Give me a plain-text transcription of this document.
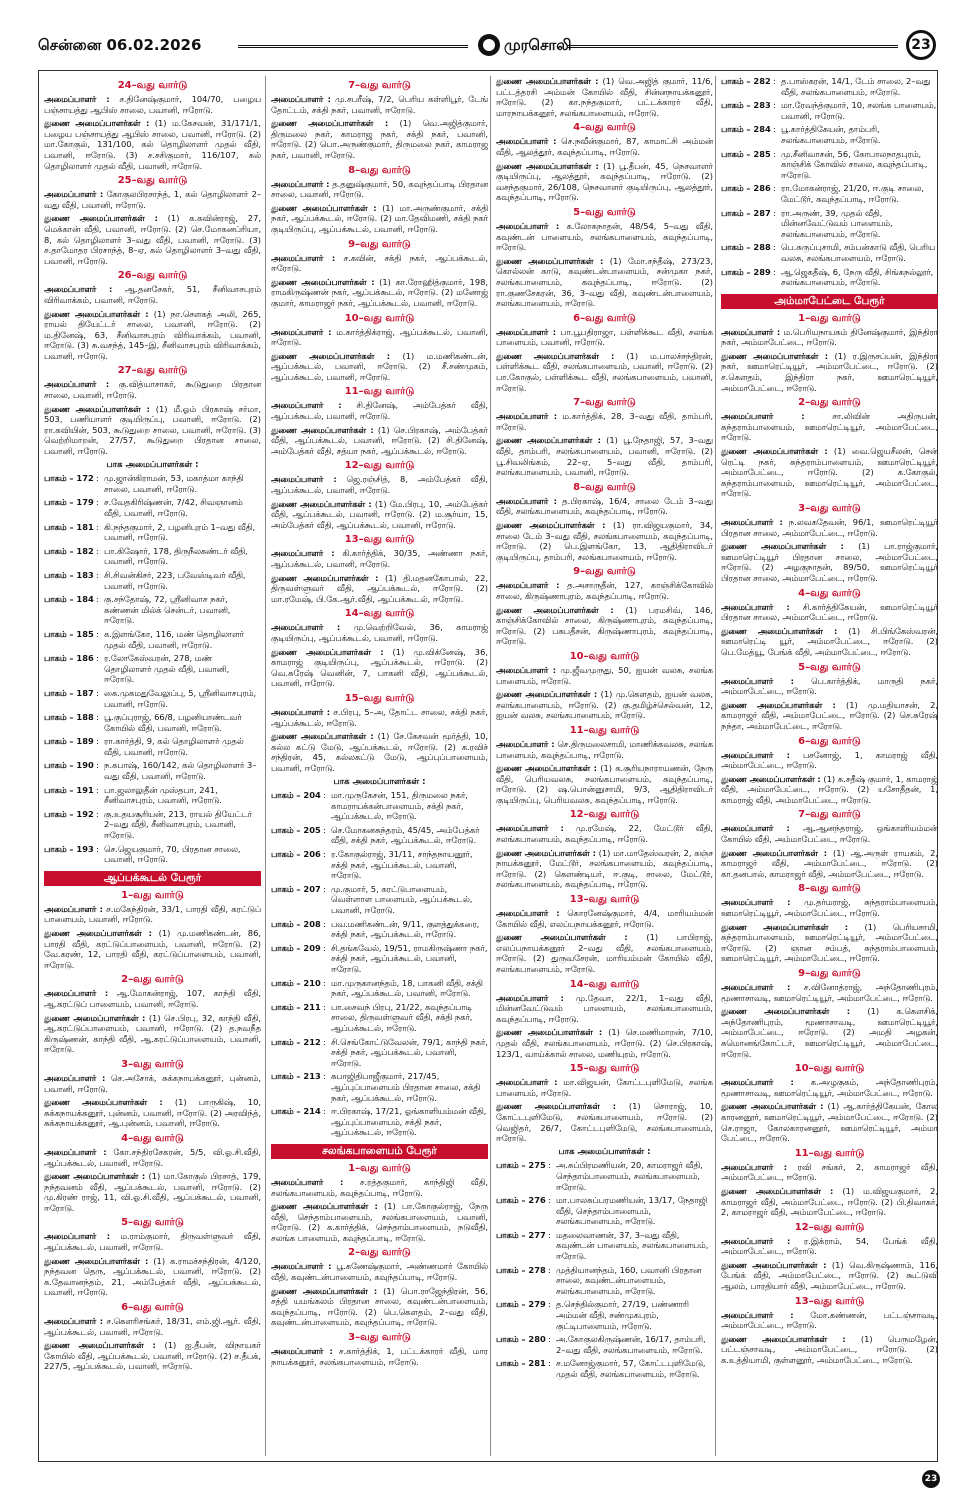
சென்னை 06.02.2026	முரசொலி	23
24–வது வார்டு
அமைப்பாளர் : ச.தினேஷ்குமார், 104/70, பழைய பஞ்சாயத்து ஆபிஸ் சாலை, பவானி, ஈரோடு.
துணை அமைப்பாளர்கள் : (1) ம.கேசவன், 31/171/1, பழைய பஞ்சாயத்து ஆபிஸ் சாலை, பவானி, ஈரோடு. (2) மா.கோகுல், 131/100, கல் தொழிலாளர் முதல் வீதி, பவானி, ஈரோடு. (3) ச.சசிகுமார், 116/107, கல் தொழிலாளர் முதல் வீதி, பவானி, ஈரோடு.
25–வது வார்டு
அமைப்பாளர் : கோகுலபிரசாந்த், 1, கல் தொழிலாளர் 2–வது வீதி, பவானி, ஈரோடு.
துணை அமைப்பாளர்கள் : (1) க.கவின்ராஜ், 27, மெக்கான் வீதி, பவானி, ஈரோடு. (2) செ.மோகனப்ரியா, 8, கல் தொழிலாளர் 3–வது வீதி, பவானி, ஈரோடு. (3) ச.தாமோதர பிரசாந்த், 8–ஏ, கல் தொழிலாளர் 3–வது வீதி, பவானி, ஈரோடு.
26–வது வார்டு
அமைப்பாளர் : ஆ.தனசேகர், 51, சீனிவாசபுரம் விரிவாக்கம், பவானி, ஈரோடு.
துணை அமைப்பாளர்கள் : (1) நா.சௌகத் அலி, 265, ராயல் தியேட்டர் சாலை, பவானி, ஈரோடு. (2) ம.தினேஷ், 63, சீனிவாசபுரம் விரிவாக்கம், பவானி, ஈரோடு. (3) சு.வசந்த், 145–இ, சீனிவாசபுரம் விரிவாக்கம், பவானி, ஈரோடு.
27–வது வார்டு
அமைப்பாளர் : கு.வித்யாசாகர், கூடுதுறை பிரதான சாலை, பவானி, ஈரோடு.
துணை அமைப்பாளர்கள் : (1) மீ.ஓம் பிரகாஷ் சர்மா, 503, பணியாளர் குடியிருப்பு, பவானி, ஈரோடு. (2) ரா.கவியின், 503, கூடுதுறை சாலை, பவானி, ஈரோடு. (3) வெற்றிமாறன், 27/57, கூடுதுறை பிரதான சாலை, பவானி, ஈரோடு.
பாக அமைப்பாளர்கள் :
பாகம் – 172 : மு.ஜான்கிராமன், 53, மகாத்மா காந்தி சாலை, பவானி, ஈரோடு.
பாகம் – 179 : ச.வேதகிரிஷ்ணன், 7/42, சிவஞானம் வீதி, பவானி, ஈரோடு.
பாகம் – 181 : கி.நந்தகுமார், 2, பழனிபுரம் 1–வது வீதி, பவானி, ஈரோடு.
பாகம் – 182 : பா.கிஷோர், 178, திருநீலகண்டர் வீதி, பவானி, ஈரோடு.
பாகம் – 183 : சி.சிவன்கிசர், 223, பவேஸ்டிவர் வீதி, பவானி, ஈரோடு.
பாகம் – 184 : கு.சந்தோஷ், 72, ஸ்ரீனிவாச நகர், கண்ணன் மில்க் சென்டர், பவானி, ஈரோடு.
பாகம் – 185 : க.இளங்கோ, 116, மண் தொழிலாளர் முதல் வீதி, பவானி, ஈரோடு.
பாகம் – 186 : ர.லோகேஸ்வரன், 278, மண் தொழிலாளர் முதல் வீதி, பவானி, ஈரோடு.
பாகம் – 187 : கை.முகமதுவேலுப்பு, 5, ஸ்ரீனிவாசபுரம், பவானி, ஈரோடு.
பாகம் – 188 : பூ.குப்புராஜ், 66/8, பழனியாண்டவர் கோயில் வீதி, பவானி, ஈரோடு.
பாகம் – 189 : ரா.கார்த்தி, 9, கல் தொழிலாளர் முதல் வீதி, பவானி, ஈரோடு.
பாகம் – 190 : ந.கபாஷ், 160/142, கல் தொழிலாளர் 3–வது வீதி, பவானி, ஈரோடு.
பாகம் – 191 : பா.ஜலாலுதீன் முஸ்தபா, 241, சீனிவாசபுரம், பவானி, ஈரோடு.
பாகம் – 192 : கு.உதயசூரியன், 213, ராயல் தியேட்டர் 2–வது வீதி, சீனிவாசபுரம், பவானி, ஈரோடு.
பாகம் – 193 : செ.ஜெயகுமார், 70, பிரதான சாலை, பவானி, ஈரோடு.
ஆப்பக்கூடல் பேரூர்
1–வது வார்டு
அமைப்பாளர் : ச.மகேந்திரன், 33/1, பாரதி வீதி, கரட்டுப் பாளையம், பவானி, ஈரோடு.
துணை அமைப்பாளர்கள் : (1) மு.மணிகண்டன், 86, பாரதி வீதி, கரட்டுப்பாளையம், பவானி, ஈரோடு. (2) வே.கரண், 12, பாரதி வீதி, கரட்டுப்பாளையம், பவானி, ஈரோடு.
2–வது வார்டு
அமைப்பாளர் : ஆ.மோகன்ராஜ், 107, காந்தி வீதி, ஆ.கரட்டுப் பாளையம், பவானி, ஈரோடு.
துணை அமைப்பாளர்கள் : (1) செ.பிரபு, 32, காந்தி வீதி, ஆ.கரட்டுப்பாளையம், பவானி, ஈரோடு. (2) த.நவநீத கிருஷ்ணன், காந்தி வீதி, ஆ.கரட்டுப்பாளையம், பவானி, ஈரோடு.
3–வது வார்டு
அமைப்பாளர் : செ.அசோக், சுக்கநாயக்கனூர், புன்னம், பவானி, ஈரோடு.
துணை அமைப்பாளர்கள் : (1) பாருகிஷ், 10, சுக்கநாயக்கனூர், புன்னம், பவானி, ஈரோடு. (2) அரவிந்த், சுக்கநாயக்கனூர், ஆ.புன்னம், பவானி, ஈரோடு.
4–வது வார்டு
அமைப்பாளர் : கோ.சந்திரசேகரன், 5/5, வி.ஓ.சி.வீதி, ஆப்பக்கூடல், பவானி, ஈரோடு.
துணை அமைப்பாளர்கள் : (1) மா.கோகுல் பிரசாத், 179, நந்தவனம் வீதி, ஆப்பக்கூடல், பவானி, ஈரோடு. (2) மு.கிரண் ராஜ், 11, வி.ஓ.சி.வீதி, ஆப்பக்கூடல், பவானி, ஈரோடு.
5–வது வார்டு
அமைப்பாளர் : ம.ராம்குமார், திருவள்ளுவர் வீதி, ஆப்பக்கூடல், பவானி, ஈரோடு.
துணை அமைப்பாளர்கள் : (1) க.ராமச்சந்திரன், 4/120, நந்தவன தெரு, ஆப்பக்கூடல், பவானி, ஈரோடு. (2) க.தேவானந்தம், 21, அம்பேத்கர் வீதி, ஆப்பக்கூடல், பவானி, ஈரோடு.
6–வது வார்டு
அமைப்பாளர் : ச.கௌரிசங்கர், 18/31, எம்.ஜி.ஆர். வீதி, ஆப்பக்கூடல், பவானி, ஈரோடு.
துணை அமைப்பாளர்கள் : (1) ஐ.தீபன், விநாயகர் கோயில் வீதி, ஆப்பக்கூடல், பவானி, ஈரோடு. (2) ச.தீபக், 227/5, ஆப்பக்கூடல், பவானி, ஈரோடு.
7–வது வார்டு
அமைப்பாளர் : மு.சபரீஷ், 7/2, பெரிய கள்ளிபூர், டேங் தோட்டம், சக்தி நகர், பவானி, ஈரோடு.
துணை அமைப்பாளர்கள் : (1) வெ.அஜித்குமார், திருமலை நகர், காமராஜ நகர், சக்தி நகர், பவானி, ஈரோடு. (2) பொ.அருண்குமார், திருமலை நகர், காமராஜ நகர், பவானி, ஈரோடு.
8–வது வார்டு
அமைப்பாளர் : த.தனுஷ்குமார், 50, கவுந்தப்பாடி பிரதான சாலை, பவானி, ஈரோடு.
துணை அமைப்பாளர்கள் : (1) மா.அருண்குமார், சக்தி நகர், ஆப்பக்கூடல், ஈரோடு. (2) மா.தேவிமணி, சக்தி நகர் குடியிருப்பு, ஆப்பக்கூடல், பவானி, ஈரோடு.
9–வது வார்டு
அமைப்பாளர் : ச.கவின், சக்தி நகர், ஆப்பக்கூடல், ஈரோடு.
துணை அமைப்பாளர்கள் : (1) கா.ரோஹித்குமார், 198, ராமகிருஷ்ணன் நகர், ஆப்பக்கூடல், ஈரோடு. (2) மனோஜ் குமார், காமராஜர் நகர், ஆப்பக்கூடல், பவானி, ஈரோடு.
10–வது வார்டு
அமைப்பாளர் : ம.கார்த்திக்ராஜ், ஆப்பக்கூடல், பவானி, ஈரோடு.
துணை அமைப்பாளர்கள் : (1) ம.மணிகண்டன், ஆப்பக்கூடல், பவானி, ஈரோடு. (2) சீ.சண்முகம், ஆப்பக்கூடல், பவானி, ஈரோடு.
11–வது வார்டு
அமைப்பாளர் : சி.தினேஷ், அம்பேத்கர் வீதி, ஆப்பக்கூடல், பவானி, ஈரோடு.
துணை அமைப்பாளர்கள் : (1) செ.பிரகாஷ், அம்பேத்கர் வீதி, ஆப்பக்கூடல், பவானி, ஈரோடு. (2) சி.தினேஷ், அம்பேத்கர் வீதி, சத்யா நகர், ஆப்பக்கூடல், ஈரோடு.
12–வது வார்டு
அமைப்பாளர் : ஜெ.ரஞ்சித், 8, அம்பேத்கர் வீதி, ஆப்பக்கூடல், பவானி, ஈரோடு.
துணை அமைப்பாளர்கள் : (1) மே.பிரபு, 10, அம்பேத்கர் வீதி, ஆப்பக்கூடல், பவானி, ஈரோடு. (2) ம.சூர்யா, 15, அம்பேத்கர் வீதி, ஆப்பக்கூடல், பவானி, ஈரோடு.
13–வது வார்டு
அமைப்பாளர் : கி.கார்த்திக், 30/35, அண்ணா நகர், ஆப்பக்கூடல், பவானி, ஈரோடு.
துணை அமைப்பாளர்கள் : (1) தி.மதனகோபால், 22, திருவள்ளுவர் வீதி, ஆப்பக்கூடல், ஈரோடு. (2) மா.ரமேஷ், பி.கே.ஆர்.வீதி, ஆப்பக்கூடல், ஈரோடு.
14–வது வார்டு
அமைப்பாளர் : மு.வெற்றிவேல், 36, காமராஜ் குடியிருப்பு, ஆப்பக்கூடல், பவானி, ஈரோடு.
துணை அமைப்பாளர்கள் : (1) மு.விக்னேஷ், 36, காமராஜ் குடியிருப்பு, ஆப்பக்கூடல், ஈரோடு. (2) வெ.சுரேஷ் வெனின், 7, பாகனி வீதி, ஆப்பக்கூடல், பவானி, ஈரோடு.
15–வது வார்டு
அமைப்பாளர் : ச.பிரபு, 5–அ, தோட்ட சாலை, சக்தி நகர், ஆப்பக்கூடல், ஈரோடு.
துணை அமைப்பாளர்கள் : (1) சே.கேசவன் மூர்த்தி, 10, கல்ல கட்டு மேடு, ஆப்பக்கூடல், ஈரோடு. (2) க.ரவிச் சந்திரன், 45, கல்லகட்டு மேடு, ஆப்புப்பாளையம், பவானி, ஈரோடு.
பாக அமைப்பாளர்கள் :
பாகம் – 204 : மா.முருகேசன், 151, திருமலை நகர், காமராயக்கன்பாளையம், சக்தி நகர், ஆப்பக்கூடல், ஈரோடு.
பாகம் – 205 : செ.மோகனசுந்தரம், 45/45, அம்பேத்கர் வீதி, சக்தி நகர், ஆப்பக்கூடல், ஈரோடு.
பாகம் – 206 : ர.கோகுல்ராஜ், 31/11, சாந்தநாயனூர், சக்தி நகர், ஆப்பக்கூடல், பவானி, ஈரோடு.
பாகம் – 207 : மு.குமார், 5, கரட்டுபாளையம், வெள்ளாள பாளையம், ஆப்பக்கூடல், பவானி, ஈரோடு.
பாகம் – 208 : பவ.மணிகண்டன், 9/11, குளத்துக்கரை, சக்தி நகர், ஆப்பக்கூடல், ஈரோடு.
பாகம் – 209 : சி.தங்கவேல், 19/51, ராமகிருஷ்ணா நகர், சக்தி நகர், ஆப்பக்கூடல், பவானி, ஈரோடு.
பாகம் – 210 : மா.முருகானந்தம், 18, பாகனி வீதி, சக்தி நகர், ஆப்பக்கூடல், பவானி, ஈரோடு.
பாகம் – 211 : பா.சைவந் பிரபு, 21/22, கவுந்தப்பாடி சாலை, திருவள்ளுவர் வீதி, சக்தி நகர், ஆப்பக்கூடல், ஈரோடு.
பாகம் – 212 : சி.செங்கோட்டுவேலன், 79/1, காந்தி நகர், சக்தி நகர், ஆப்பக்கூடல், பவானி, ஈரோடு.
பாகம் – 213 : சுபாஜிதிபாஜீகுமார், 217/45, ஆப்புப்பாளையம் பிரதான சாலை, சக்தி நகர், ஆப்பக்கூடல், ஈரோடு.
பாகம் – 214 : ஈ.பிரகாஷ், 17/21, ஓங்காளியம்மன் வீதி, ஆப்புப்பாளையம், சக்தி நகர், ஆப்பக்கூடல், ஈரோடு.
சலங்கபாளையம் பேரூர்
1–வது வார்டு
அமைப்பாளர் : ச.ரத்தகுமார், காந்திஜி வீதி, சலங்கபாளையம், கவுந்தப்பாடி, ஈரோடு.
துணை அமைப்பாளர்கள் : (1) பா.கோகுல்ராஜ், நேரு வீதி, செந்தாம்பாளையம், சலங்கபாளையம், பவானி, ஈரோடு. (2) க.கார்த்திக், செந்தாம்பாளையம், நடுவீதி, சலங்க பாளையம், கவுந்தப்பாடி, ஈரோடு.
2–வது வார்டு
அமைப்பாளர் : பூ.கணேஷ்குமார், அண்ணமார் கோயில் வீதி, கவுண்டன்பாளையம், கவுந்தப்பாடி, ஈரோடு.
துணை அமைப்பாளர்கள் : (1) பொ.ராஜேந்திரன், 56, சத்தி யமங்கலம் பிரதான சாலை, கவுண்டன்பாளையம், கவுந்தப்பாடி, ஈரோடு. (2) பெ.கௌதம், 2–வது வீதி, கவுண்டன்பாளையம், கவுந்தப்பாடி, ஈரோடு.
3–வது வார்டு
அமைப்பாளர் : ச.கார்த்திக், 1, பட்டக்காரர் வீதி, மார நாயக்கனூர், சலங்கபாளையம், ஈரோடு.
துணை அமைப்பாளர்கள் : (1) வெ.அஜித் குமார், 11/6, பட்டத்தரசி அம்மன் கோயில் வீதி, சின்னநாயக்கனூர், ஈரோடு. (2) கா.நந்தகுமார், பட்டக்காரர் வீதி, மாரநாயக்கனூர், சலங்கபாளையம், ஈரோடு.
4–வது வார்டு
அமைப்பாளர் : செ.நவீன்குமார், 87, காமாட்சி அம்மன் வீதி, ஆலத்தூர், கவுந்தப்பாடி, ஈரோடு.
துணை அமைப்பாளர்கள் : (1) பூ.தீபன், 45, நெசவாளர் குடியிருப்பு, ஆலத்தூர், கவுந்தப்பாடி, ஈரோடு. (2) வசந்தகுமார், 26/108, நெசவாளர் குடியிருப்பு, ஆலத்தூர், கவுந்தப்பாடி, ஈரோடு.
5–வது வார்டு
அமைப்பாளர் : க.லோகநாதன், 48/54, 5–வது வீதி, கவுண்டன் பாளையம், சலங்கபாளையம், கவுந்தப்பாடி, ஈரோடு.
துணை அமைப்பாளர்கள் : (1) மோ.சந்தீஷ், 273/23, கொல்லன் காடு, கவுண்டன்பாளையம், சன்முகா நகர், சலங்கபாளையம், கவுந்தப்பாடி, ஈரோடு. (2) ரா.குணசேகரன், 36, 3–வது வீதி, கவுண்டன்பாளையம், சலங்கபாளையம், ஈரோடு.
6–வது வார்டு
அமைப்பாளர் : பா.பூபதிராஜா, பள்ளிக்கூட வீதி, சலங்க பாளையம், பவானி, ஈரோடு.
துணை அமைப்பாளர்கள் : (1) ம.பாலச்சந்திரன், பள்ளிக்கூட வீதி, சலங்கபாளையம், பவானி, ஈரோடு. (2) பா.கோகுல், பள்ளிக்கூட வீதி, சலங்கபாளையம், பவானி, ஈரோடு.
7–வது வார்டு
அமைப்பாளர் : ம.கார்த்திக், 28, 3–வது வீதி, தாம்பரி, ஈரோடு.
துணை அமைப்பாளர்கள் : (1) பூ.நேதாஜி, 57, 3–வது வீதி, தாம்பரி, சலங்கபாளையம், பவானி, ஈரோடு. (2) பூ.சிவலிங்கம், 22–ஏ, 5–வது வீதி, தாம்பரி, சலங்கபாளையம், பவானி, ஈரோடு.
8–வது வார்டு
அமைப்பாளர் : த.பிரகாஷ், 16/4, சாலை டேம் 3–வது வீதி, சலங்கபாளையம், கவுந்தப்பாடி, ஈரோடு.
துணை அமைப்பாளர்கள் : (1) ரா.விஜயகுமார், 34, சாலை டேம் 3–வது வீதி, சலங்கபாளையம், கவுந்தப்பாடி, ஈரோடு. (2) பெ.இளங்கோ, 13, ஆதிதிராவிடர் குடியிருப்பு, தாம்பரி, சலங்கபாளையம், ஈரோடு.
9–வது வார்டு
அமைப்பாளர் : த.அசாருதீன், 127, காஞ்சிக்கோவில் சாலை, கிருஷ்ணாபுரம், கவுந்தப்பாடி, ஈரோடு.
துணை அமைப்பாளர்கள் : (1) பரமசிவ், 146, காஞ்சிக்கோவில் சாலை, கிருஷ்ணாபுரம், கவுந்தப்பாடி, ஈரோடு. (2) பசுபதீசன், கிருஷ்ணாபுரம், கவுந்தப்பாடி, ஈரோடு.
10–வது வார்டு
அமைப்பாளர் : மு.ஜீவமுருது, 50, ஐயன் வலசு, சலங்க பாளையம், ஈரோடு.
துணை அமைப்பாளர்கள் : (1) மு.கௌதம், ஐயன் வலசு, சலங்கபாளையம், ஈரோடு. (2) கு.தமிழ்ச்செல்வன், 12, ஐயன் வலசு, சலங்கபாளையம், ஈரோடு.
11–வது வார்டு
அமைப்பாளர் : செ.திருமலைசாமி, மாணிக்கவலசு, சலங்க பாளையம், கவுந்தப்பாடி, ஈரோடு.
துணை அமைப்பாளர்கள் : (1) க.சூரியநாராயணன், நேரு வீதி, பெரியவலசு, சலங்கபாளையம், கவுந்தப்பாடி, ஈரோடு. (2) ஷ.பொன்னுசாமி, 9/3, ஆதிதிராவிடர் குடியிருப்பு, பெரியவலசு, கவுந்தப்பாடி, ஈரோடு.
12–வது வார்டு
அமைப்பாளர் : மு.ரமேஷ், 22, மேட்டூர் வீதி, சலங்கபாளையம், கவுந்தப்பாடி, ஈரோடு.
துணை அமைப்பாளர்கள் : (1) மா.மாதேஸ்வரன், 2, கஞ்ச நாயக்கனூர், மேட்டூர், சலங்கபாளையம், கவுந்தப்பாடி, ஈரோடு. (2) கௌண்டியர், ஈ.குடி, சாலை, மேட்டூர், சலங்கபாளையம், கவுந்தப்பாடி, ஈரோடு.
13–வது வார்டு
அமைப்பாளர் : கொரனேஷ்குமார், 4/4, மாரியம்மன் கோயில் வீதி, எலப்பநாயக்கனூர், ஈரோடு.
துணை அமைப்பாளர்கள் : (1) பாபிராஜ், எலப்பநாயக்கனூர் 2–வது வீதி, சலங்கபாளையம், ஈரோடு. (2) துருவசேரன், மாரியம்மன் கோயில் வீதி, சலங்கபாளையம், ஈரோடு.
14–வது வார்டு
அமைப்பாளர் : மு.தேவா, 22/1, 1–வது வீதி, மின்னவேட்டுவம் பாளையம், சலங்கபாளையம், கவுந்தப்பாடி, ஈரோடு.
துணை அமைப்பாளர்கள் : (1) செ.மணிமாறன், 7/10, முதல் வீதி, சலங்கபாளையம், ஈரோடு. (2) செ.பிரகாஷ், 123/1, வாய்க்கால் சாலை, மணியுரம், ஈரோடு.
15–வது வார்டு
அமைப்பாளர் : மா.விஜயன், கோட்டபுளிமேடு, சலங்க பாளையம், ஈரோடு.
துணை அமைப்பாளர்கள் : (1) சொராஜ், 10, கோட்டபுளிமேடு, சலங்கபாளையம், ஈரோடு. (2) வெஜிதர், 26/7, கோட்டபுளிமேடு, சலங்கபாளையம், ஈரோடு.
பாக அமைப்பாளர்கள் :
பாகம் – 275 : அ.சுப்பிரமணியன், 20, காமராஜர் வீதி, செந்தாம்பாளையம், சலங்கபாளையம், ஈரோடு.
பாகம் – 276 : மா.பாலசுப்பரமணியன், 13/17, நேதாஜி வீதி, செந்தாம்பாளையம், சலங்கபாளையம், ஈரோடு.
பாகம் – 277 : மதலைவாணன், 37, 3–வது வீதி, கவுண்டன் பாளையம், சலங்கபாளையம், ஈரோடு.
பாகம் – 278 : முத்தியானந்தம், 160, பவானி பிரதான சாலை, கவுண்டன்பாளையம், சலங்கபாளையம், ஈரோடு.
பாகம் – 279 : த.செந்தில்குமார், 27/19, பண்ணாரி அம்மன் வீதி, சண்முகபுரம், குட்டிபாளையம், ஈரோடு.
பாகம் – 280 : அ.கோகுலகிருஷ்ணன், 16/17, தாம்பரி, 2–வது வீதி, சலங்கபாளையம், ஈரோடு.
பாகம் – 281 : ச.மனோஜ்குமார், 57, கோட்டபுளிமேடு, முதல் வீதி, சலங்கபாளையம், ஈரோடு.
பாகம் – 282 : த.பாஸ்கரன், 14/1, டேம் சாலை, 2–வது வீதி, சலங்கபாளையம், ஈரோடு.
பாகம் – 283 : மா.ரேவந்த்குமார், 10, சலங்க பாளையம், பவானி, ஈரோடு.
பாகம் – 284 : பூ.கார்த்திகேயன், தாம்பரி, சலங்கபாளையம், ஈரோடு.
பாகம் – 285 : மு.சீனிவாசன், 56, கோபாலநாதபுரம், காஞ்சிக் கோவில் சாலை, கவுந்தப்பாடி, ஈரோடு.
பாகம் – 286 : ரா.மோகன்ராஜ், 21/20, ஈ.குடி சாலை, மேட்டூர், கவுந்தப்பாடி, ஈரோடு.
பாகம் – 287 : ரா.அருண், 39, முதல் வீதி, மின்னவேட்டுவம் பாளையம், சலங்கபாளையம், ஈரோடு.
பாகம் – 288 : பெ.சுருப்புசாமி, சம்பன்காடு வீதி, பெரிய வலசு, சலங்கபாளையம், ஈரோடு.
பாகம் – 289 : ஆ.ஜெகதீஷ், 6, நேரு வீதி, சிங்கநல்லூர், சலங்கபாளையம், ஈரோடு.
அம்மாபேட்டை பேரூர்
1–வது வார்டு
அமைப்பாளர் : ம.பெரியநாயகம் தினேஷ்குமார், இந்திரா நகர், அம்மாபேட்டை, ஈரோடு.
துணை அமைப்பாளர்கள் : (1) ர.இருசப்பன், இந்திரா நகர், ஊமாரெட்டியூர், அம்மாபேட்டை, ஈரோடு. (2) ச.கௌதம், இந்திரா நகர், ஊமாரெட்டியூர், அம்மாபேட்டை, ஈரோடு.
2–வது வார்டு
அமைப்பாளர் :	சா.லிவின் அதிருபன், சுந்தராம்பாளையம், ஊமாரெட்டியூர், அம்மாபேட்டை, ஈரோடு.
துணை அமைப்பாளர்கள் : (1) வை.ஜெயசீலன், சென் ரெட்டி நகர், சுந்தராம்பாளையம், ஊமாரெட்டியூர், அம்மாபேட்டை, ஈரோடு. (2) க.கோகுல், சுந்தராம்பாளையம், ஊமாரெட்டியூர், அம்மாபேட்டை, ஈரோடு.
3–வது வார்டு
அமைப்பாளர் : ந.லவகதேவன், 96/1, ஊமாரெட்டியூர் பிரதான சாலை, அம்மாபேட்டை, ஈரோடு.
துணை அமைப்பாளர்கள் : (1) பா.ராஜ்குமார், ஊமாரெட்டியூர் பிரதான சாலை, அம்மாபேட்டை, ஈரோடு. (2) அழகுநாதன், 89/50, ஊமாரெட்டியூர் பிரதான சாலை, அம்மாபேட்டை, ஈரோடு.
4–வது வார்டு
அமைப்பாளர் : சி.கார்த்திகேயன், ஊமாரெட்டியூர் பிரதான சாலை, அம்மாபேட்டை, ஈரோடு.
துணை அமைப்பாளர்கள் : (1) சி.பிங்கேஸ்வரன், ஊமாரெட்டி யூர், அம்மாபேட்டை, ஈரோடு. (2) பெ.மேத்யூ, பேங்க் வீதி, அம்மாபேட்டை, ஈரோடு.
5–வது வார்டு
அமைப்பாளர் : பெ.கார்த்திக், மாருதி நகர், அம்மாபேட்டை, ஈரோடு.
துணை அமைப்பாளர்கள் : (1) மு.மதியாசன், 2, காமராஜர் வீதி, அம்மாபேட்டை, ஈரோடு. (2) செ.சுரேஷ் நந்தா, அம்மாபேட்டை, ஈரோடு.
6–வது வார்டு
அமைப்பாளர் : பசனோஜ், 1, காமராஜ் வீதி, அம்மாபேட்டை, ஈரோடு.
துணை அமைப்பாளர்கள் : (1) க.சதீஷ் குமார், 1, காமராஜ் வீதி, அம்மாபேட்டை, ஈரோடு. (2) யசோதீதன், 1, காமராஜ் வீதி, அம்மாபேட்டை, ஈரோடு.
7–வது வார்டு
அமைப்பாளர் : ஆ.ஆனந்தராஜ், ஒங்காளியம்மன் கோயில் வீதி, அம்மாபேட்டை, ஈரோடு.
துணை அமைப்பாளர்கள் : (1) ஆ.அருள் ராயகம், 2, காமராஜர் வீதி, அம்மாபேட்டை, ஈரோடு. (2) கா.தனபால், காமராஜர் வீதி, அம்மாபேட்டை, ஈரோடு.
8–வது வார்டு
அமைப்பாளர் : மு.தர்மராஜ், சுந்தராம்பாளையம், ஊமாரெட்டியூர், அம்மாபேட்டை, ஈரோடு.
துணை அமைப்பாளர்கள் : (1) பெரியசாமி, சுந்தராம்பாளையம், ஊமாரெட்டியூர், அம்மாபேட்டை, ஈரோடு. (2) ஞான சம்பத், சுந்தராம்பாளையம், ஊமாரெட்டியூர், அம்மாபேட்டை, ஈரோடு.
9–வது வார்டு
அமைப்பாளர் : ச.வினோத்ராஜ், அந்தோணிபுரம், மூணாசாவடி, ஊமாரெட்டியூர், அம்மாபேட்டை, ஈரோடு.
துணை அமைப்பாளர்கள் : (1) க.கௌசிக், அந்தோணிபுரம், மூணாசாவடி, ஊமாரெட்டியூர், அம்மாபேட்டை, ஈரோடு. (2) அமதி அழகன், சுமொனங்கோட்டர், ஊமாரெட்டியூர், அம்மாபேட்டை, ஈரோடு.
10–வது வார்டு
அமைப்பாளர் : க.அழுகுகம், அந்தோணிபுரம், மூணாசாவடி, ஊமாரெட்டியூர், அம்மாபேட்டை, ஈரோடு.
துணை அமைப்பாளர்கள் : (1) ஆ.கார்த்திகேயன், கோல காரனனூர், ஊமாரெட்டியூர், அம்மாபேட்டை, ஈரோடு. (2) செ.ராஜா, கோலகாரனனூர், ஊமாரெட்டியூர், அம்மா பேட்டை, ஈரோடு.
11–வது வார்டு
அமைப்பாளர் : ரவி சங்கர், 2, காமராஜர் வீதி, அம்மாபேட்டை, ஈரோடு.
துணை அமைப்பாளர்கள் : (1) ம.விஜயகுமார், 2, காமராஜர் வீதி, அம்மாபேட்டை, ஈரோடு. (2) பி.திவாகர், 2, காமராஜர் வீதி, அம்மாபேட்டை, ஈரோடு.
12–வது வார்டு
அமைப்பாளர் : ர.இக்ராம், 54, பேங்க் வீதி, அம்மாபேட்டை, ஈரோடு.
துணை அமைப்பாளர்கள் : (1) வெ.கிருஷ்ணாம், 116, பேங்க் வீதி, அம்மாபேட்டை, ஈரோடு. (2) கூட்டுவி ஆலம், பாரதியார் வீதி, அம்மாபேட்டை, ஈரோடு.
13–வது வார்டு
அமைப்பாளர் : மோ.கண்ணன், பட்டஞ்சாவடி, அம்மாபேட்டை, ஈரோடு.
துணை அமைப்பாளர்கள் : (1) பெருமழேன், பட்டஞ்சாவடி, அம்மாபேட்டை, ஈரோடு. (2) க.உத்தியாமி, குள்ளனூர், அம்மாபேட்டை, ஈரோடு.
23
